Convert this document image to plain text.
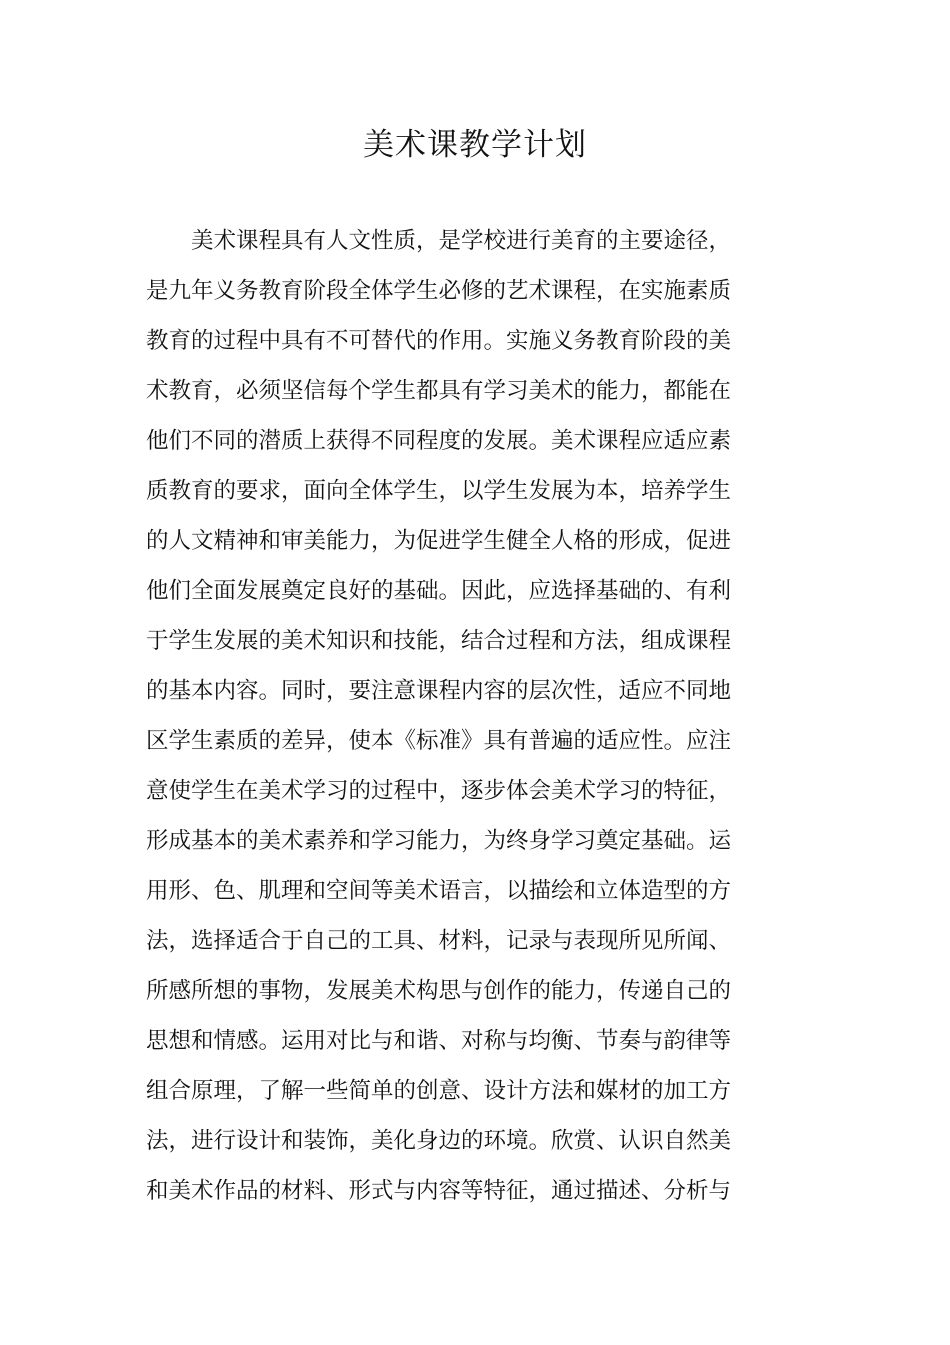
美术课教学计划
美术课程具有人文性质，是学校进行美育的主要途径，
是九年义务教育阶段全体学生必修的艺术课程，在实施素质
教育的过程中具有不可替代的作用。实施义务教育阶段的美
术教育，必须坚信每个学生都具有学习美术的能力，都能在
他们不同的潜质上获得不同程度的发展。美术课程应适应素
质教育的要求，面向全体学生，以学生发展为本，培养学生
的人文精神和审美能力，为促进学生健全人格的形成，促进
他们全面发展奠定良好的基础。因此，应选择基础的、有利
于学生发展的美术知识和技能，结合过程和方法，组成课程
的基本内容。同时，要注意课程内容的层次性，适应不同地
区学生素质的差异，使本《标准》具有普遍的适应性。应注
意使学生在美术学习的过程中，逐步体会美术学习的特征，
形成基本的美术素养和学习能力，为终身学习奠定基础。运
用形、色、肌理和空间等美术语言，以描绘和立体造型的方
法，选择适合于自己的工具、材料，记录与表现所见所闻、
所感所想的事物，发展美术构思与创作的能力，传递自己的
思想和情感。运用对比与和谐、对称与均衡、节奏与韵律等
组合原理，了解一些简单的创意、设计方法和媒材的加工方
法，进行设计和装饰，美化身边的环境。欣赏、认识自然美
和美术作品的材料、形式与内容等特征，通过描述、分析与
